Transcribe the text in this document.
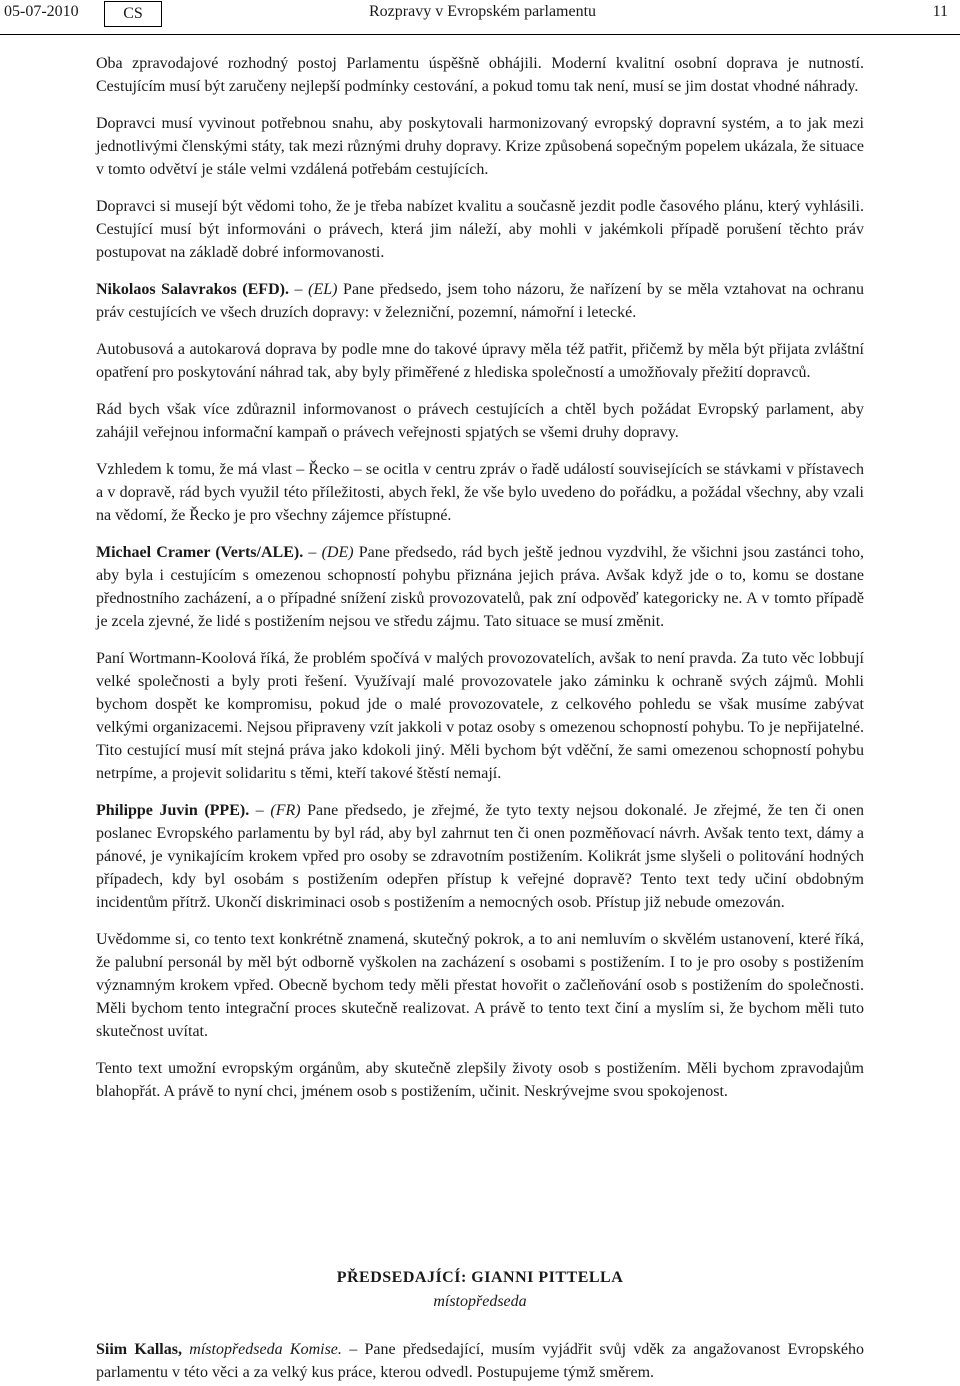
05-07-2010	CS	Rozpravy v Evropském parlamentu	11

Oba zpravodajové rozhodný postoj Parlamentu úspěšně obhájili. Moderní kvalitní osobní doprava je nutností. Cestujícím musí být zaručeny nejlepší podmínky cestování, a pokud tomu tak není, musí se jim dostat vhodné náhrady.

Dopravci musí vyvinout potřebnou snahu, aby poskytovali harmonizovaný evropský dopravní systém, a to jak mezi jednotlivými členskými státy, tak mezi různými druhy dopravy. Krize způsobená sopečným popelem ukázala, že situace v tomto odvětví je stále velmi vzdálená potřebám cestujících.

Dopravci si musejí být vědomi toho, že je třeba nabízet kvalitu a současně jezdit podle časového plánu, který vyhlásili. Cestující musí být informováni o právech, která jim náleží, aby mohli v jakémkoli případě porušení těchto práv postupovat na základě dobré informovanosti.

Nikolaos Salavrakos (EFD). – (EL) Pane předsedo, jsem toho názoru, že nařízení by se měla vztahovat na ochranu práv cestujících ve všech druzích dopravy: v železniční, pozemní, námořní i letecké.

Autobusová a autokarová doprava by podle mne do takové úpravy měla též patřit, přičemž by měla být přijata zvláštní opatření pro poskytování náhrad tak, aby byly přiměřené z hlediska společností a umožňovaly přežití dopravců.

Rád bych však více zdůraznil informovanost o právech cestujících a chtěl bych požádat Evropský parlament, aby zahájil veřejnou informační kampaň o právech veřejnosti spjatých se všemi druhy dopravy.

Vzhledem k tomu, že má vlast – Řecko – se ocitla v centru zpráv o řadě událostí souvisejících se stávkami v přístavech a v dopravě, rád bych využil této příležitosti, abych řekl, že vše bylo uvedeno do pořádku, a požádal všechny, aby vzali na vědomí, že Řecko je pro všechny zájemce přístupné.

Michael Cramer (Verts/ALE). – (DE) Pane předsedo, rád bych ještě jednou vyzdvihl, že všichni jsou zastánci toho, aby byla i cestujícím s omezenou schopností pohybu přiznána jejich práva. Avšak když jde o to, komu se dostane přednostního zacházení, a o případné snížení zisků provozovatelů, pak zní odpověď kategoricky ne. A v tomto případě je zcela zjevné, že lidé s postižením nejsou ve středu zájmu. Tato situace se musí změnit.

Paní Wortmann-Koolová říká, že problém spočívá v malých provozovatelích, avšak to není pravda. Za tuto věc lobbují velké společnosti a byly proti řešení. Využívají malé provozovatele jako záminku k ochraně svých zájmů. Mohli bychom dospět ke kompromisu, pokud jde o malé provozovatele, z celkového pohledu se však musíme zabývat velkými organizacemi. Nejsou připraveny vzít jakkoli v potaz osoby s omezenou schopností pohybu. To je nepřijatelné. Tito cestující musí mít stejná práva jako kdokoli jiný. Měli bychom být vděční, že sami omezenou schopností pohybu netrpíme, a projevit solidaritu s těmi, kteří takové štěstí nemají.

Philippe Juvin (PPE). – (FR) Pane předsedo, je zřejmé, že tyto texty nejsou dokonalé. Je zřejmé, že ten či onen poslanec Evropského parlamentu by byl rád, aby byl zahrnut ten či onen pozměňovací návrh. Avšak tento text, dámy a pánové, je vynikajícím krokem vpřed pro osoby se zdravotním postižením. Kolikrát jsme slyšeli o politování hodných případech, kdy byl osobám s postižením odepřen přístup k veřejné dopravě? Tento text tedy učiní obdobným incidentům přítrž. Ukončí diskriminaci osob s postižením a nemocných osob. Přístup již nebude omezován.

Uvědomme si, co tento text konkrétně znamená, skutečný pokrok, a to ani nemluvím o skvělém ustanovení, které říká, že palubní personál by měl být odborně vyškolen na zacházení s osobami s postižením. I to je pro osoby s postižením významným krokem vpřed. Obecně bychom tedy měli přestat hovořit o začleňování osob s postižením do společnosti. Měli bychom tento integrační proces skutečně realizovat. A právě to tento text činí a myslím si, že bychom měli tuto skutečnost uvítat.

Tento text umožní evropským orgánům, aby skutečně zlepšily životy osob s postižením. Měli bychom zpravodajům blahopřát. A právě to nyní chci, jménem osob s postižením, učinit. Neskrývejme svou spokojenost.

PŘEDSEDAJÍCÍ: GIANNI PITTELLA
místopředseda

Siim Kallas, místopředseda Komise. – Pane předsedající, musím vyjádřit svůj vděk za angažovanost Evropského parlamentu v této věci a za velký kus práce, kterou odvedl. Postupujeme týmž směrem.
